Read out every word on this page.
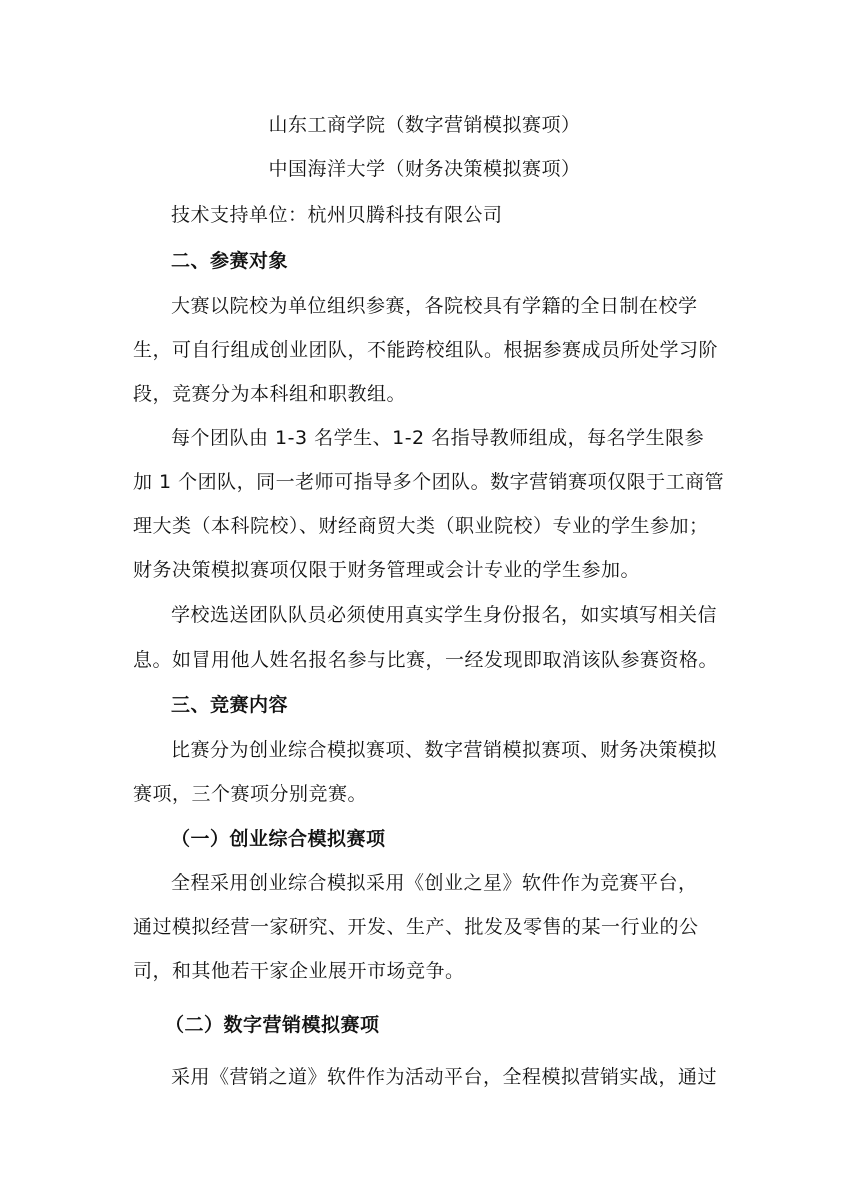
山东工商学院（数字营销模拟赛项）
中国海洋大学（财务决策模拟赛项）
技术支持单位：杭州贝腾科技有限公司
二、参赛对象
大赛以院校为单位组织参赛，各院校具有学籍的全日制在校学
生，可自行组成创业团队，不能跨校组队。根据参赛成员所处学习阶
段，竞赛分为本科组和职教组。
每个团队由 1-3 名学生、1-2 名指导教师组成，每名学生限参
加 1 个团队，同一老师可指导多个团队。数字营销赛项仅限于工商管
理大类（本科院校）、财经商贸大类（职业院校）专业的学生参加；
财务决策模拟赛项仅限于财务管理或会计专业的学生参加。
学校选送团队队员必须使用真实学生身份报名，如实填写相关信
息。如冒用他人姓名报名参与比赛，一经发现即取消该队参赛资格。
三、竞赛内容
比赛分为创业综合模拟赛项、数字营销模拟赛项、财务决策模拟
赛项，三个赛项分别竞赛。
（一）创业综合模拟赛项
全程采用创业综合模拟采用《创业之星》软件作为竞赛平台，
通过模拟经营一家研究、开发、生产、批发及零售的某一行业的公
司，和其他若干家企业展开市场竞争。
（二）数字营销模拟赛项
采用《营销之道》软件作为活动平台，全程模拟营销实战，通过
